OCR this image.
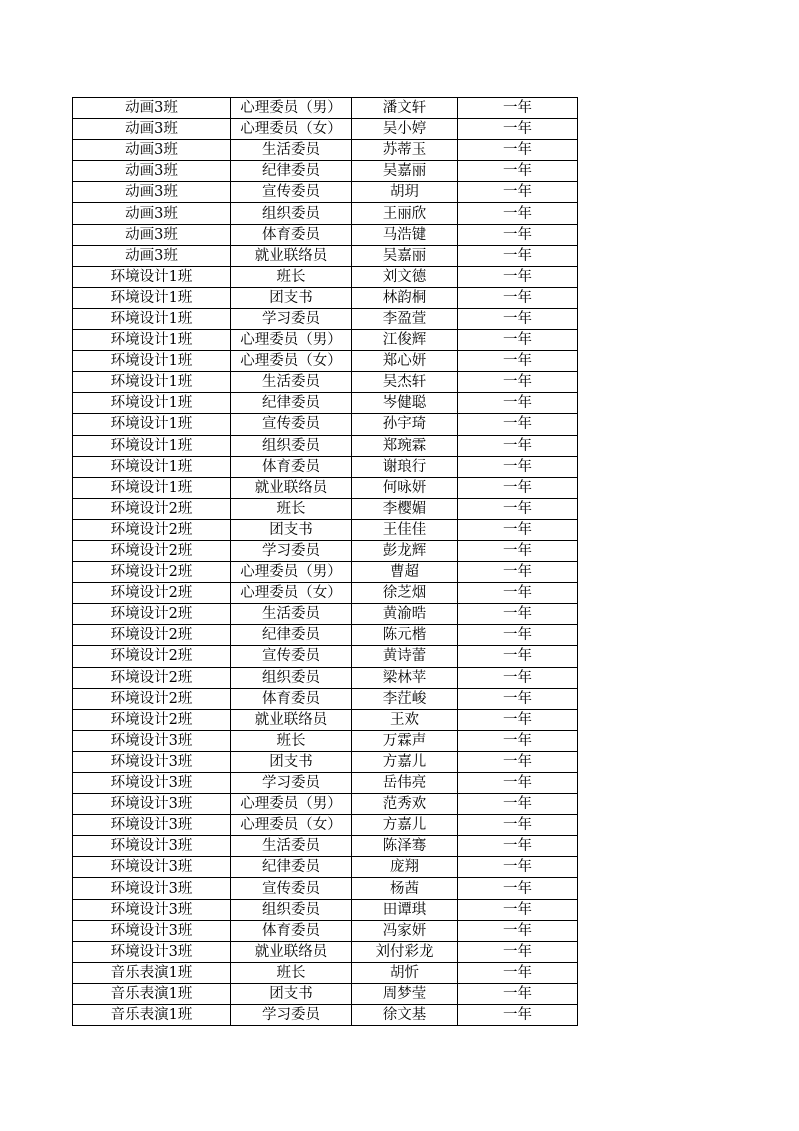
动画3班	心理委员（男）	潘文轩	一年
动画3班	心理委员（女）	吴小婷	一年
动画3班	生活委员	苏蒂玉	一年
动画3班	纪律委员	吴嘉丽	一年
动画3班	宣传委员	胡玥	一年
动画3班	组织委员	王丽欣	一年
动画3班	体育委员	马浩键	一年
动画3班	就业联络员	吴嘉丽	一年
环境设计1班	班长	刘文德	一年
环境设计1班	团支书	林韵桐	一年
环境设计1班	学习委员	李盈萱	一年
环境设计1班	心理委员（男）	江俊辉	一年
环境设计1班	心理委员（女）	郑心妍	一年
环境设计1班	生活委员	吴杰轩	一年
环境设计1班	纪律委员	岑健聪	一年
环境设计1班	宣传委员	孙宇琦	一年
环境设计1班	组织委员	郑琬霖	一年
环境设计1班	体育委员	谢琅行	一年
环境设计1班	就业联络员	何咏妍	一年
环境设计2班	班长	李樱媚	一年
环境设计2班	团支书	王佳佳	一年
环境设计2班	学习委员	彭龙辉	一年
环境设计2班	心理委员（男）	曹超	一年
环境设计2班	心理委员（女）	徐芝烟	一年
环境设计2班	生活委员	黄渝晧	一年
环境设计2班	纪律委员	陈元楷	一年
环境设计2班	宣传委员	黄诗蕾	一年
环境设计2班	组织委员	梁林苹	一年
环境设计2班	体育委员	李茳峻	一年
环境设计2班	就业联络员	王欢	一年
环境设计3班	班长	万霖声	一年
环境设计3班	团支书	方嘉儿	一年
环境设计3班	学习委员	岳伟亮	一年
环境设计3班	心理委员（男）	范秀欢	一年
环境设计3班	心理委员（女）	方嘉儿	一年
环境设计3班	生活委员	陈泽骞	一年
环境设计3班	纪律委员	庞翔	一年
环境设计3班	宣传委员	杨茜	一年
环境设计3班	组织委员	田谭琪	一年
环境设计3班	体育委员	冯家妍	一年
环境设计3班	就业联络员	刘付彩龙	一年
音乐表演1班	班长	胡忻	一年
音乐表演1班	团支书	周梦莹	一年
音乐表演1班	学习委员	徐文基	一年
